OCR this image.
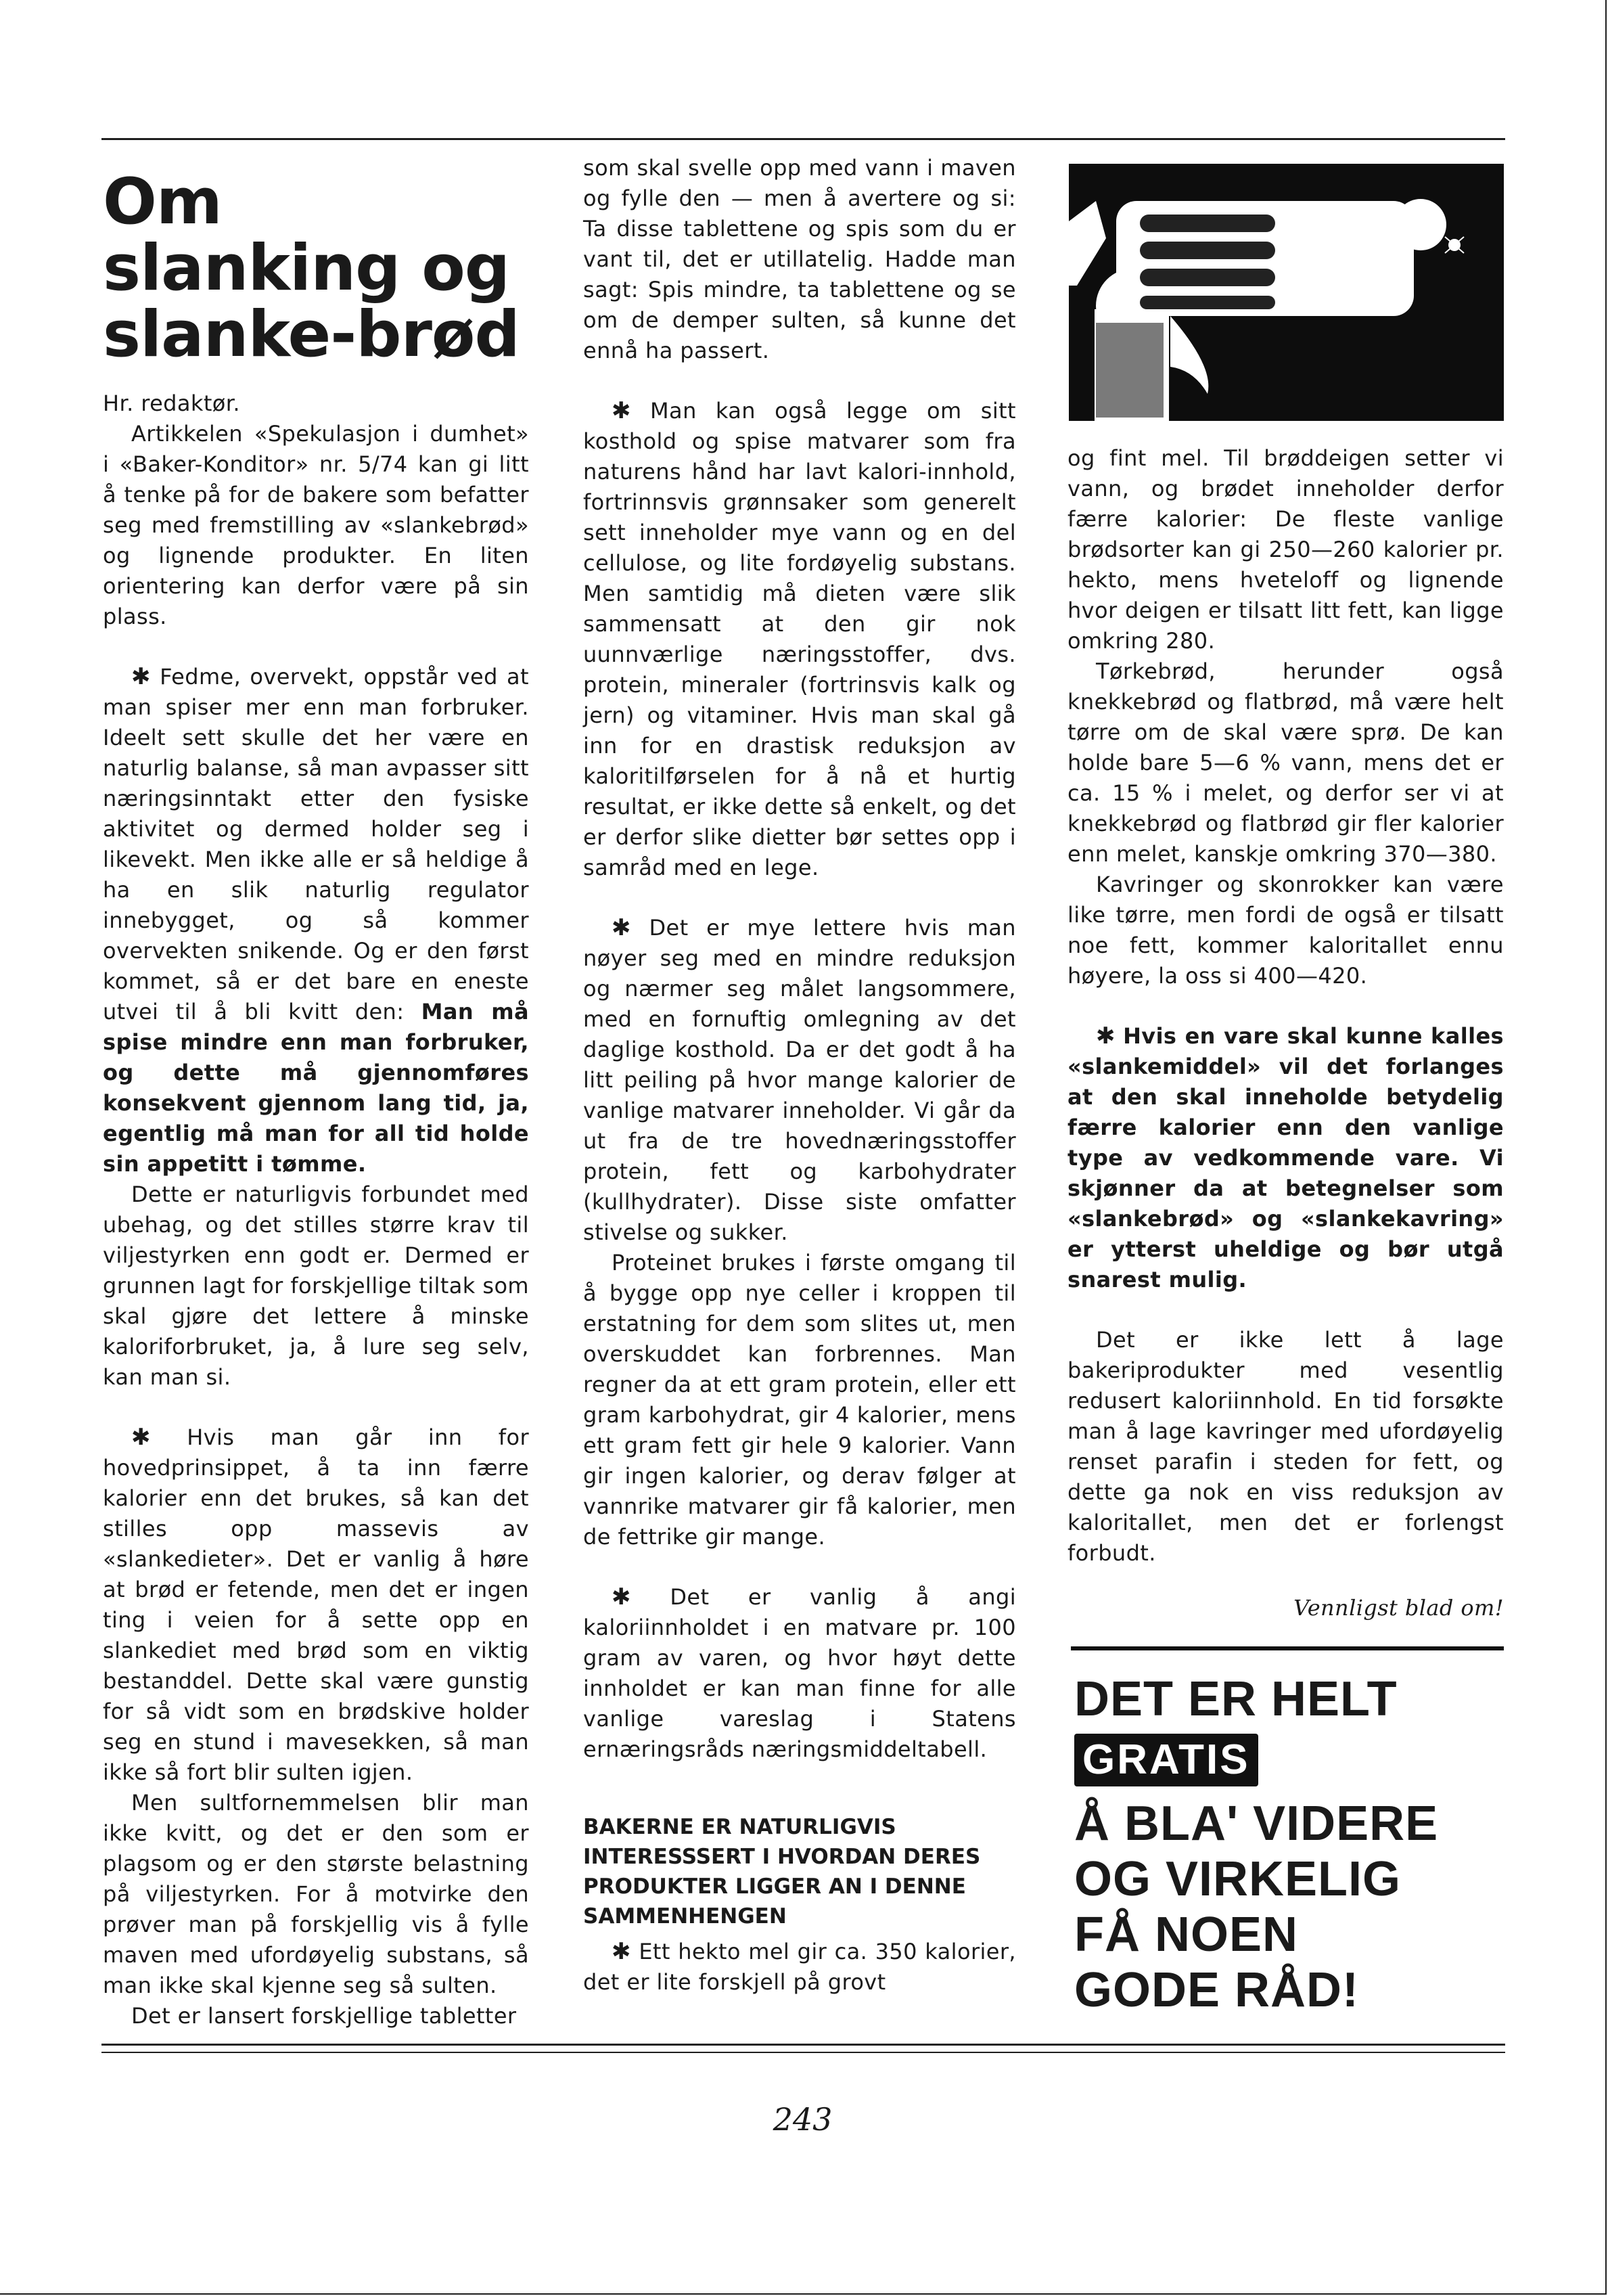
Om slanking og slanke-brød

Hr. redaktør.

Artikkelen «Spekulasjon i dumhet» i «Baker-Konditor» nr. 5/74 kan gi litt å tenke på for de bakere som befatter seg med fremstilling av «slankebrød» og lignende produkter. En liten orientering kan derfor være på sin plass.

✱ Fedme, overvekt, oppstår ved at man spiser mer enn man forbruker. Ideelt sett skulle det her være en naturlig balanse, så man avpasser sitt næringsinntakt etter den fysiske aktivitet og dermed holder seg i likevekt. Men ikke alle er så heldige å ha en slik naturlig regulator innebygget, og så kommer overvekten snikende. Og er den først kommet, så er det bare en eneste utvei til å bli kvitt den: Man må spise mindre enn man forbruker, og dette må gjennomføres konsekvent gjennom lang tid, ja, egentlig må man for all tid holde sin appetitt i tømme.

Dette er naturligvis forbundet med ubehag, og det stilles større krav til viljestyrken enn godt er. Dermed er grunnen lagt for forskjellige tiltak som skal gjøre det lettere å minske kaloriforbruket, ja, å lure seg selv, kan man si.

✱ Hvis man går inn for hovedprinsippet, å ta inn færre kalorier enn det brukes, så kan det stilles opp massevis av «slankedieter». Det er vanlig å høre at brød er fetende, men det er ingen ting i veien for å sette opp en slankediet med brød som en viktig bestanddel. Dette skal være gunstig for så vidt som en brødskive holder seg en stund i mavesekken, så man ikke så fort blir sulten igjen.

Men sultfornemmelsen blir man ikke kvitt, og det er den som er plagsom og er den største belastning på viljestyrken. For å motvirke den prøver man på forskjellig vis å fylle maven med ufordøyelig substans, så man ikke skal kjenne seg så sulten.

Det er lansert forskjellige tabletter

som skal svelle opp med vann i maven og fylle den — men å avertere og si: Ta disse tablettene og spis som du er vant til, det er utillatelig. Hadde man sagt: Spis mindre, ta tablettene og se om de demper sulten, så kunne det ennå ha passert.

✱ Man kan også legge om sitt kosthold og spise matvarer som fra naturens hånd har lavt kalori-innhold, fortrinnsvis grønnsaker som generelt sett inneholder mye vann og en del cellulose, og lite fordøyelig substans. Men samtidig må dieten være slik sammensatt at den gir nok uunnværlige næringsstoffer, dvs. protein, mineraler (fortrinsvis kalk og jern) og vitaminer. Hvis man skal gå inn for en drastisk reduksjon av kaloritilførselen for å nå et hurtig resultat, er ikke dette så enkelt, og det er derfor slike dietter bør settes opp i samråd med en lege.

✱ Det er mye lettere hvis man nøyer seg med en mindre reduksjon og nærmer seg målet langsommere, med en fornuftig omlegning av det daglige kosthold. Da er det godt å ha litt peiling på hvor mange kalorier de vanlige matvarer inneholder. Vi går da ut fra de tre hovednæringsstoffer protein, fett og karbohydrater (kullhydrater). Disse siste omfatter stivelse og sukker.

Proteinet brukes i første omgang til å bygge opp nye celler i kroppen til erstatning for dem som slites ut, men overskuddet kan forbrennes. Man regner da at ett gram protein, eller ett gram karbohydrat, gir 4 kalorier, mens ett gram fett gir hele 9 kalorier. Vann gir ingen kalorier, og derav følger at vannrike matvarer gir få kalorier, men de fettrike gir mange.

✱ Det er vanlig å angi kaloriinnholdet i en matvare pr. 100 gram av varen, og hvor høyt dette innholdet er kan man finne for alle vanlige vareslag i Statens ernæringsråds næringsmiddeltabell.

BAKERNE ER NATURLIGVIS INTERESSSERT I HVORDAN DERES PRODUKTER LIGGER AN I DENNE SAMMENHENGEN

✱ Ett hekto mel gir ca. 350 kalorier, det er lite forskjell på grovt

og fint mel. Til brøddeigen setter vi vann, og brødet inneholder derfor færre kalorier: De fleste vanlige brødsorter kan gi 250—260 kalorier pr. hekto, mens hveteloff og lignende hvor deigen er tilsatt litt fett, kan ligge omkring 280.

Tørkebrød, herunder også knekkebrød og flatbrød, må være helt tørre om de skal være sprø. De kan holde bare 5—6 % vann, mens det er ca. 15 % i melet, og derfor ser vi at knekkebrød og flatbrød gir fler kalorier enn melet, kanskje omkring 370—380.

Kavringer og skonrokker kan være like tørre, men fordi de også er tilsatt noe fett, kommer kaloritallet ennu høyere, la oss si 400—420.

✱ Hvis en vare skal kunne kalles «slankemiddel» vil det forlanges at den skal inneholde betydelig færre kalorier enn den vanlige type av vedkommende vare. Vi skjønner da at betegnelser som «slankebrød» og «slankekavring» er ytterst uheldige og bør utgå snarest mulig.

Det er ikke lett å lage bakeriprodukter med vesentlig redusert kaloriinnhold. En tid forsøkte man å lage kavringer med ufordøyelig renset parafin i steden for fett, og dette ga nok en viss reduksjon av kaloritallet, men det er forlengst forbudt.

Vennligst blad om!

DET ER HELT
GRATIS
Å BLA' VIDERE
OG VIRKELIG
FÅ NOEN
GODE RÅD!
243
